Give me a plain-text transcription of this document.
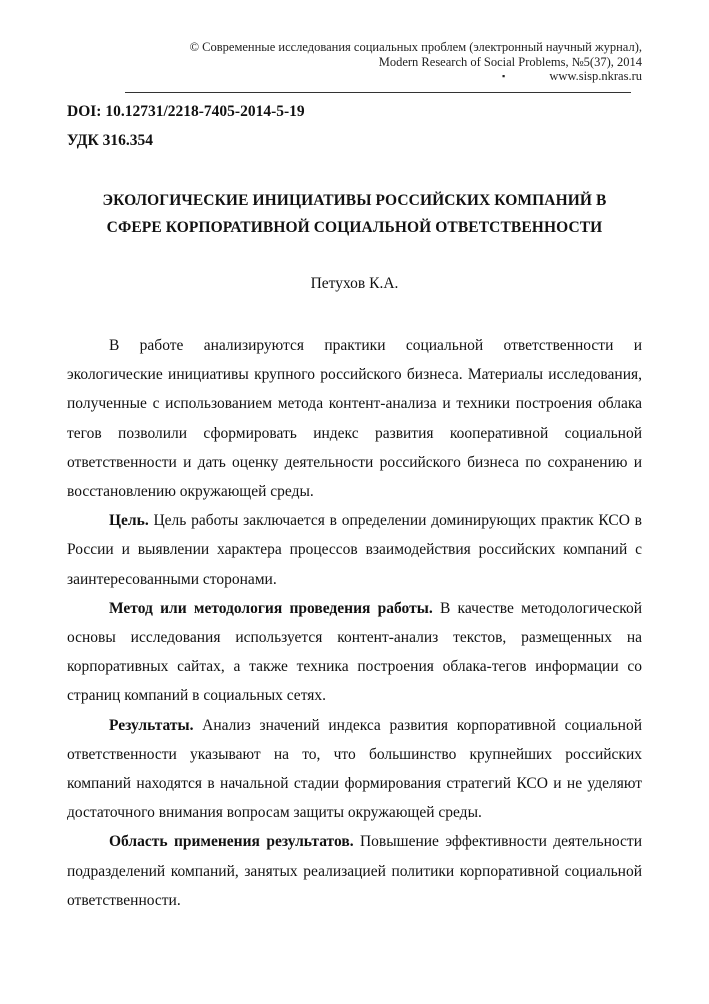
© Современные исследования социальных проблем (электронный научный журнал),
Modern Research of Social Problems, №5(37), 2014
▪	www.sisp.nkras.ru
DOI: 10.12731/2218-7405-2014-5-19
УДК 316.354
ЭКОЛОГИЧЕСКИЕ ИНИЦИАТИВЫ РОССИЙСКИХ КОМПАНИЙ В
СФЕРЕ КОРПОРАТИВНОЙ СОЦИАЛЬНОЙ ОТВЕТСТВЕННОСТИ
Петухов К.А.

В работе анализируются практики социальной ответственности и экологические инициативы крупного российского бизнеса. Материалы исследования, полученные с использованием метода контент-анализа и техники построения облака тегов позволили сформировать индекс развития кооперативной социальной ответственности и дать оценку деятельности российского бизнеса по сохранению и восстановлению окружающей среды.

Цель. Цель работы заключается в определении доминирующих практик КСО в России и выявлении характера процессов взаимодействия российских компаний с заинтересованными сторонами.

Метод или методология проведения работы. В качестве методологической основы исследования используется контент-анализ текстов, размещенных на корпоративных сайтах, а также техника построения облака-тегов информации со страниц компаний в социальных сетях.

Результаты. Анализ значений индекса развития корпоративной социальной ответственности указывают на то, что большинство крупнейших российских компаний находятся в начальной стадии формирования стратегий КСО и не уделяют достаточного внимания вопросам защиты окружающей среды.

Область применения результатов. Повышение эффективности деятельности подразделений компаний, занятых реализацией политики корпоративной социальной ответственности.
